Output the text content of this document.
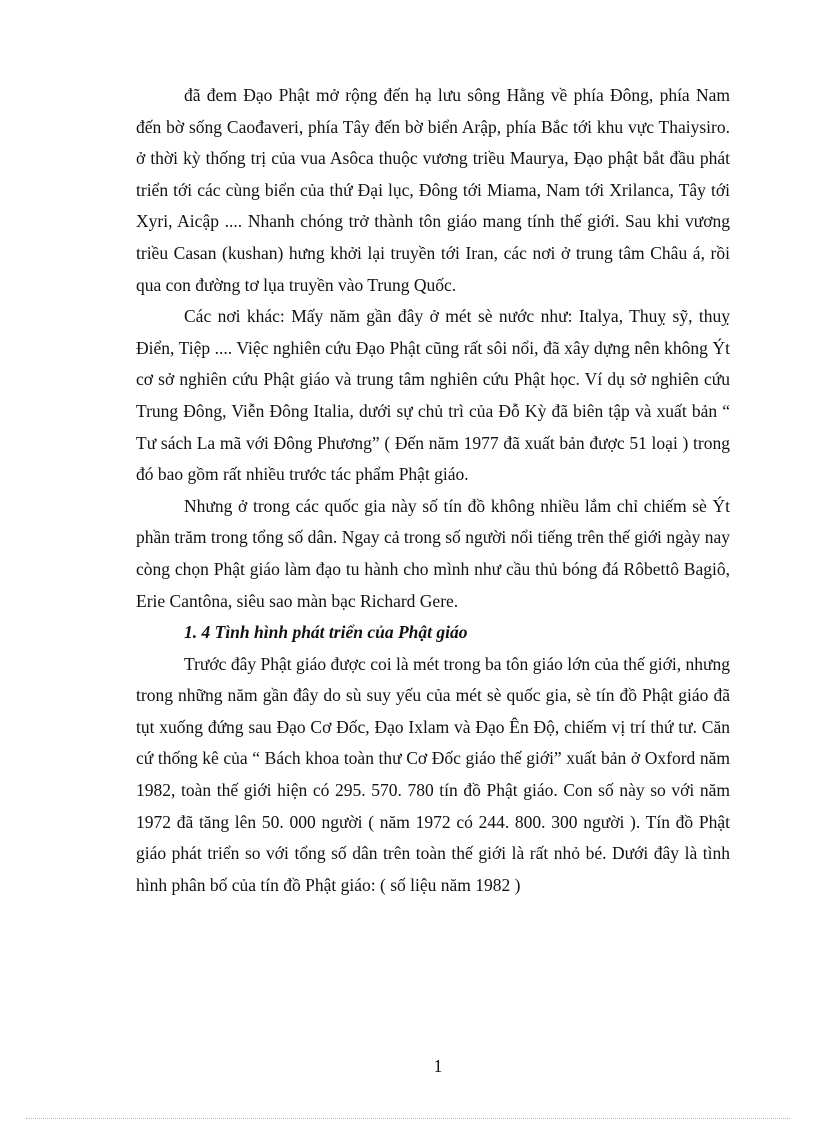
đã đem Đạo Phật mở rộng đến hạ lưu sông Hằng về phía Đông, phía Nam đến bờ sống Caođaveri, phía Tây đến bờ biển Arập, phía Bắc tới khu vực Thaiysiro. ở thời kỳ thống trị của vua Asôca thuộc vương triều Maurya, Đạo phật bắt đầu phát triển tới các cùng biển của thứ Đại lục, Đông tới Miama, Nam tới Xrilanca, Tây tới Xyri, Aicập .... Nhanh chóng trở thành tôn giáo mang tính thế giới. Sau khi vương triều Casan (kushan) hưng khởi lại truyền tới Iran, các nơi ở trung tâm Châu á, rồi qua con đường tơ lụa truyền vào Trung Quốc.

Các nơi khác: Mấy năm gần đây ở mét sè nước như: Italya, Thuỵ sỹ, thuỵ Điển, Tiệp .... Việc nghiên cứu Đạo Phật cũng rất sôi nổi, đã xây dựng nên không Ýt cơ sở nghiên cứu Phật giáo và trung tâm nghiên cứu Phật học. Ví dụ sở nghiên cứu Trung Đông, Viễn Đông Italia, dưới sự chủ trì của Đỗ Kỳ đã biên tập và xuất bản “ Tư sách La mã với Đông Phương” ( Đến năm 1977 đã xuất bản được 51 loại ) trong đó bao gồm rất nhiều trước tác phẩm Phật giáo.

Nhưng ở trong các quốc gia này số tín đồ không nhiều lắm chỉ chiếm sè Ýt phần trăm trong tổng số dân. Ngay cả trong số người nổi tiếng trên thế giới ngày nay còng chọn Phật giáo làm đạo tu hành cho mình như cầu thủ bóng đá Rôbettô Bagiô, Erie Cantôna, siêu sao màn bạc Richard Gere.

1. 4 Tình hình phát triển của Phật giáo

Trước đây Phật giáo được coi là mét trong ba tôn giáo lớn của thế giới, nhưng trong những năm gần đây do sù suy yếu của mét sè quốc gia, sè tín đồ Phật giáo đã tụt xuống đứng sau Đạo Cơ Đốc, Đạo Ixlam và Đạo Ên Độ, chiếm vị trí thứ tư. Căn cứ thống kê của “ Bách khoa toàn thư Cơ Đốc giáo thế giới” xuất bản ở Oxford năm 1982, toàn thế giới hiện có 295. 570. 780 tín đồ Phật giáo. Con số này so với năm 1972 đã tăng lên 50. 000 người ( năm 1972 có 244. 800. 300 người ). Tín đồ Phật giáo phát triển so với tổng số dân trên toàn thế giới là rất nhỏ bé. Dưới đây là tình hình phân bố của tín đồ Phật giáo: ( số liệu năm 1982 )

1
